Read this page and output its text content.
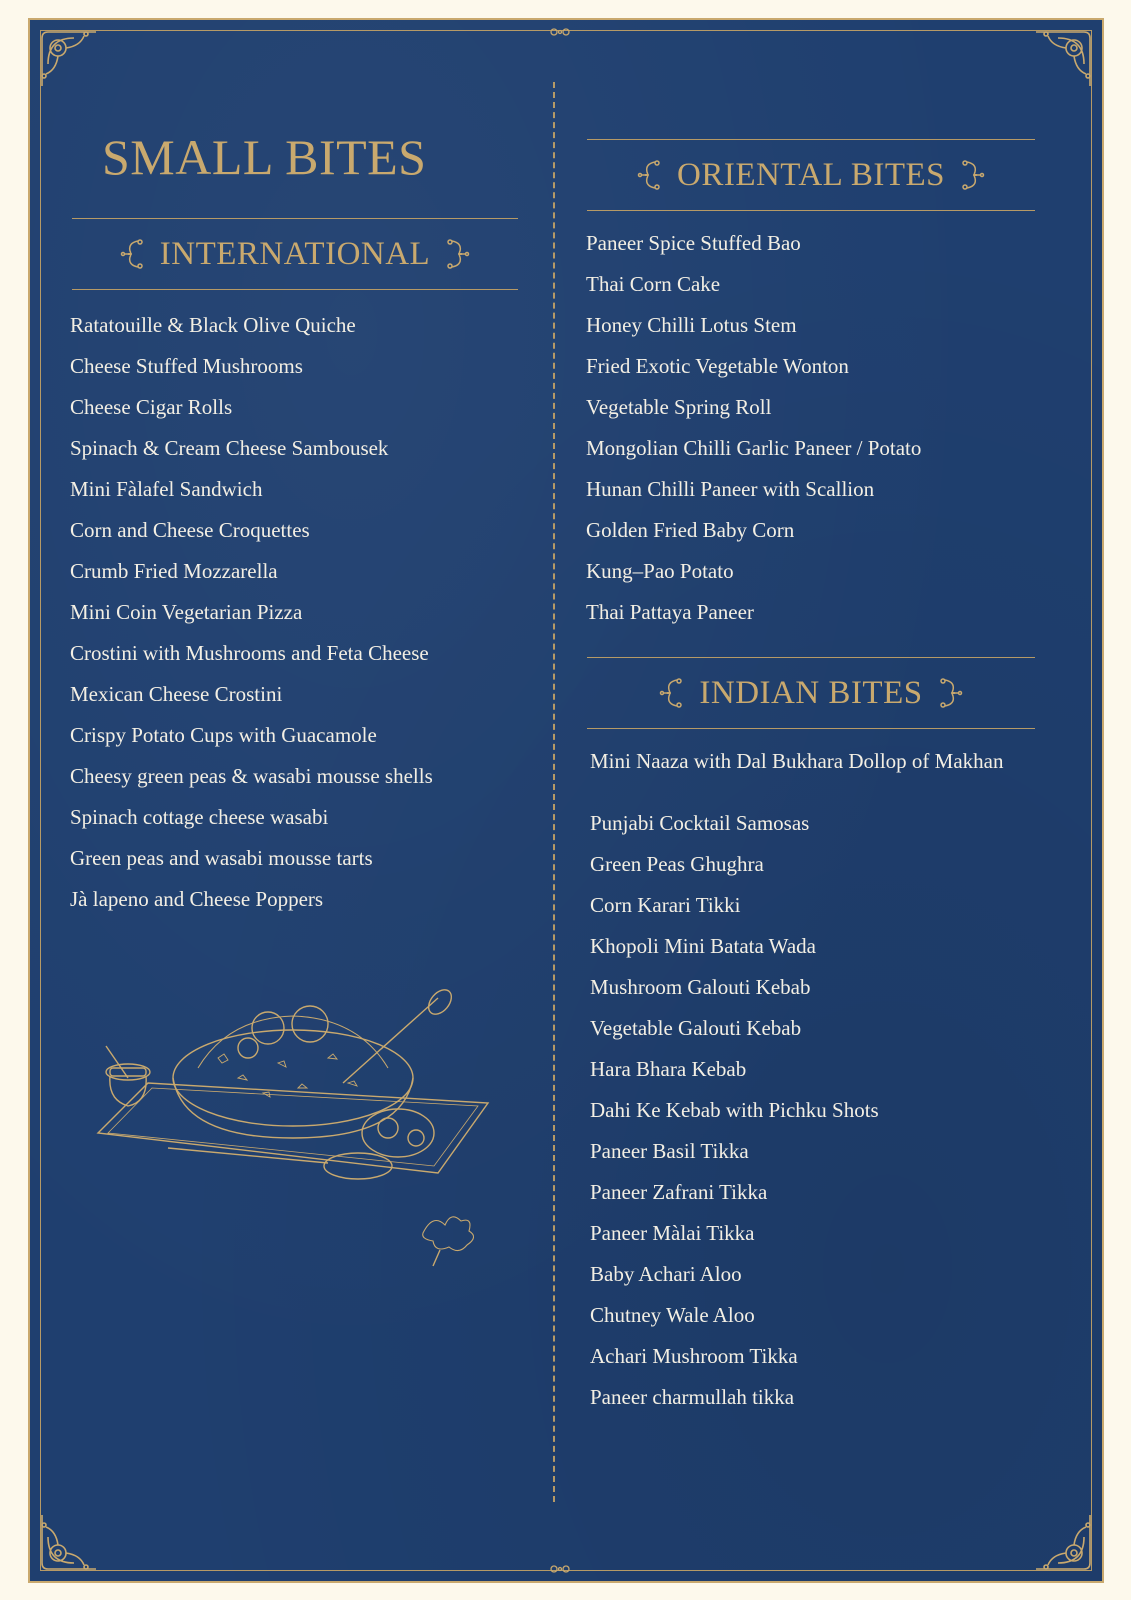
SMALL BITES
INTERNATIONAL
Ratatouille & Black Olive Quiche
Cheese Stuffed Mushrooms
Cheese Cigar Rolls
Spinach & Cream Cheese Sambousek
Mini Fàlafel Sandwich
Corn and Cheese Croquettes
Crumb Fried Mozzarella
Mini Coin Vegetarian Pizza
Crostini with Mushrooms and Feta Cheese
Mexican Cheese Crostini
Crispy Potato Cups with Guacamole
Cheesy green peas & wasabi mousse shells
Spinach cottage cheese wasabi
Green peas and wasabi mousse tarts
Jà lapeno and Cheese Poppers
ORIENTAL BITES
Paneer Spice Stuffed Bao
Thai Corn Cake
Honey Chilli Lotus Stem
Fried Exotic Vegetable Wonton
Vegetable Spring Roll
Mongolian Chilli Garlic Paneer / Potato
Hunan Chilli Paneer with Scallion
Golden Fried Baby Corn
Kung–Pao Potato
Thai Pattaya Paneer
INDIAN BITES
Mini Naaza with Dal Bukhara Dollop of Makhan
Punjabi Cocktail Samosas
Green Peas Ghughra
Corn Karari Tikki
Khopoli Mini Batata Wada
Mushroom Galouti Kebab
Vegetable Galouti Kebab
Hara Bhara Kebab
Dahi Ke Kebab with Pichku Shots
Paneer Basil Tikka
Paneer Zafrani Tikka
Paneer Màlai Tikka
Baby Achari Aloo
Chutney Wale Aloo
Achari Mushroom Tikka
Paneer charmullah tikka
